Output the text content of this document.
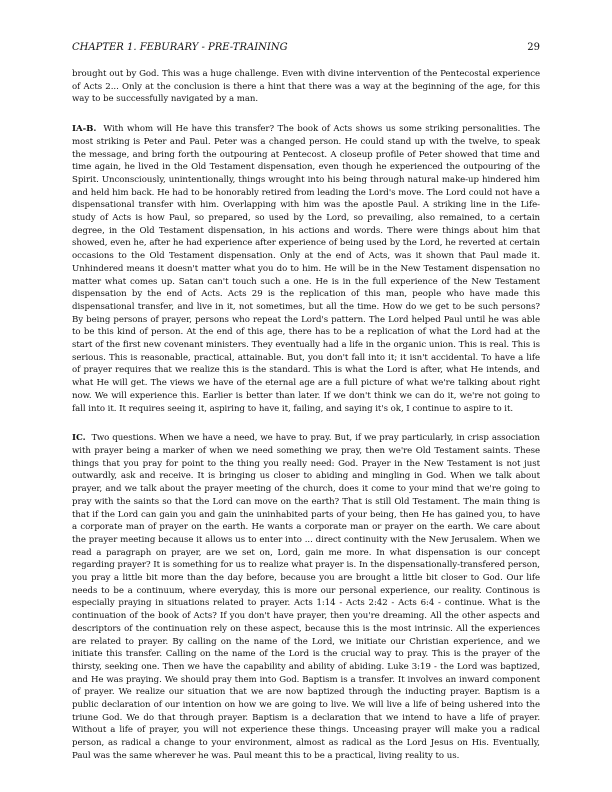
CHAPTER 1. FEBURARY - PRE-TRAINING	29

brought out by God. This was a huge challenge. Even with divine intervention of the Pentecostal experience of Acts 2... Only at the conclusion is there a hint that there was a way at the beginning of the age, for this way to be successfully navigated by a man.

IA-B. With whom will He have this transfer? The book of Acts shows us some striking personalities. The most striking is Peter and Paul. Peter was a changed person. He could stand up with the twelve, to speak the message, and bring forth the outpouring at Pentecost. A closeup profile of Peter showed that time and time again, he lived in the Old Testament dispensation, even though he experienced the outpouring of the Spirit. Unconsciously, unintentionally, things wrought into his being through natural make-up hindered him and held him back. He had to be honorably retired from leading the Lord's move. The Lord could not have a dispensational transfer with him. Overlapping with him was the apostle Paul. A striking line in the Life-study of Acts is how Paul, so prepared, so used by the Lord, so prevailing, also remained, to a certain degree, in the Old Testament dispensation, in his actions and words. There were things about him that showed, even he, after he had experience after experience of being used by the Lord, he reverted at certain occasions to the Old Testament dispensation. Only at the end of Acts, was it shown that Paul made it. Unhindered means it doesn't matter what you do to him. He will be in the New Testament dispensation no matter what comes up. Satan can't touch such a one. He is in the full experience of the New Testament dispensation by the end of Acts. Acts 29 is the replication of this man, people who have made this dispensational transfer, and live in it, not sometimes, but all the time. How do we get to be such persons? By being persons of prayer, persons who repeat the Lord's pattern. The Lord helped Paul until he was able to be this kind of person. At the end of this age, there has to be a replication of what the Lord had at the start of the first new covenant ministers. They eventually had a life in the organic union. This is real. This is serious. This is reasonable, practical, attainable. But, you don't fall into it; it isn't accidental. To have a life of prayer requires that we realize this is the standard. This is what the Lord is after, what He intends, and what He will get. The views we have of the eternal age are a full picture of what we're talking about right now. We will experience this. Earlier is better than later. If we don't think we can do it, we're not going to fall into it. It requires seeing it, aspiring to have it, failing, and saying it's ok, I continue to aspire to it.

IC. Two questions. When we have a need, we have to pray. But, if we pray particularly, in crisp association with prayer being a marker of when we need something we pray, then we're Old Testament saints. These things that you pray for point to the thing you really need: God. Prayer in the New Testament is not just outwardly, ask and receive. It is bringing us closer to abiding and mingling in God. When we talk about prayer, and we talk about the prayer meeting of the church, does it come to your mind that we're going to pray with the saints so that the Lord can move on the earth? That is still Old Testament. The main thing is that if the Lord can gain you and gain the uninhabited parts of your being, then He has gained you, to have a corporate man of prayer on the earth. He wants a corporate man or prayer on the earth. We care about the prayer meeting because it allows us to enter into ... direct continuity with the New Jerusalem. When we read a paragraph on prayer, are we set on, Lord, gain me more. In what dispensation is our concept regarding prayer? It is something for us to realize what prayer is. In the dispensationally-transfered person, you pray a little bit more than the day before, because you are brought a little bit closer to God. Our life needs to be a continuum, where everyday, this is more our personal experience, our reality. Continous is especially praying in situations related to prayer. Acts 1:14 - Acts 2:42 - Acts 6:4 - continue. What is the continuation of the book of Acts? If you don't have prayer, then you're dreaming. All the other aspects and descriptors of the continuation rely on these aspect, because this is the most intrinsic. All the experiences are related to prayer. By calling on the name of the Lord, we initiate our Christian experience, and we initiate this transfer. Calling on the name of the Lord is the crucial way to pray. This is the prayer of the thirsty, seeking one. Then we have the capability and ability of abiding. Luke 3:19 - the Lord was baptized, and He was praying. We should pray them into God. Baptism is a transfer. It involves an inward component of prayer. We realize our situation that we are now baptized through the inducting prayer. Baptism is a public declaration of our intention on how we are going to live. We will live a life of being ushered into the triune God. We do that through prayer. Baptism is a declaration that we intend to have a life of prayer. Without a life of prayer, you will not experience these things. Unceasing prayer will make you a radical person, as radical a change to your environment, almost as radical as the Lord Jesus on His. Eventually, Paul was the same wherever he was. Paul meant this to be a practical, living reality to us.
